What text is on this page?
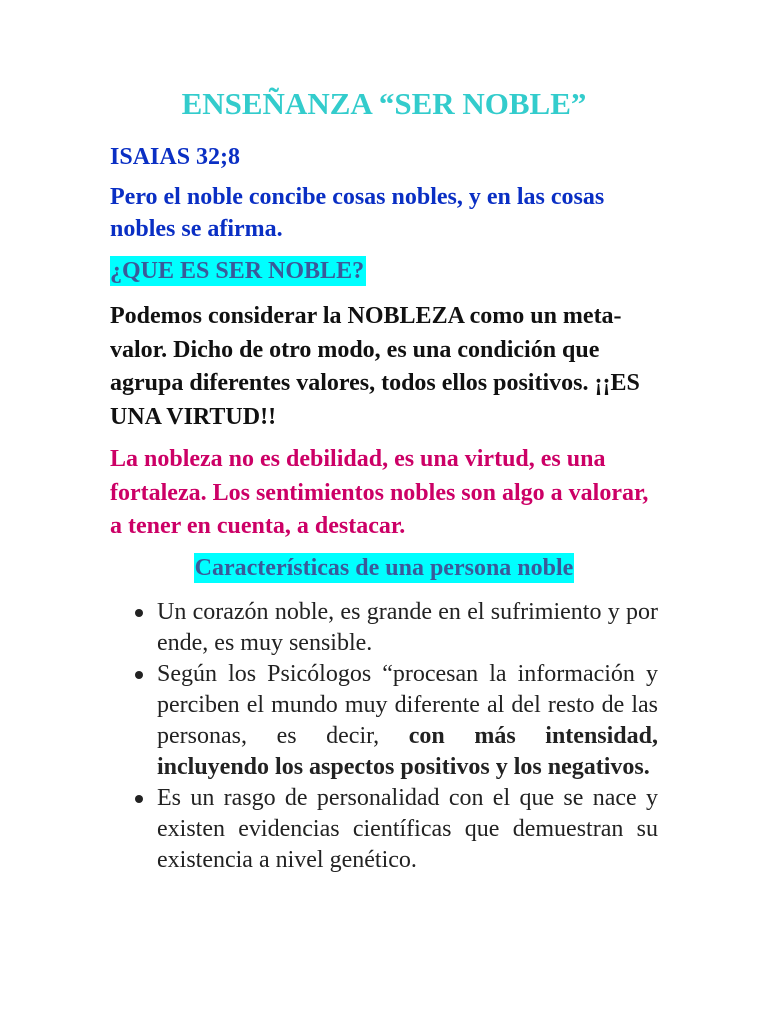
ENSEÑANZA “SER NOBLE”
ISAIAS 32;8
Pero el noble concibe cosas nobles, y en las cosas nobles se afirma.
¿QUE ES SER NOBLE?
Podemos considerar la NOBLEZA como un meta-valor. Dicho de otro modo, es una condición que agrupa diferentes valores, todos ellos positivos. ¡¡ES UNA VIRTUD!!
La nobleza no es debilidad, es una virtud, es una fortaleza. Los sentimientos nobles son algo a valorar, a tener en cuenta, a destacar.
Características de una persona noble
Un corazón noble, es grande en el sufrimiento y por ende, es muy sensible.
Según los Psicólogos “procesan la información y perciben el mundo muy diferente al del resto de las personas, es decir, con más intensidad, incluyendo los aspectos positivos y los negativos.
Es un rasgo de personalidad con el que se nace y existen evidencias científicas que demuestran su existencia a nivel genético.
